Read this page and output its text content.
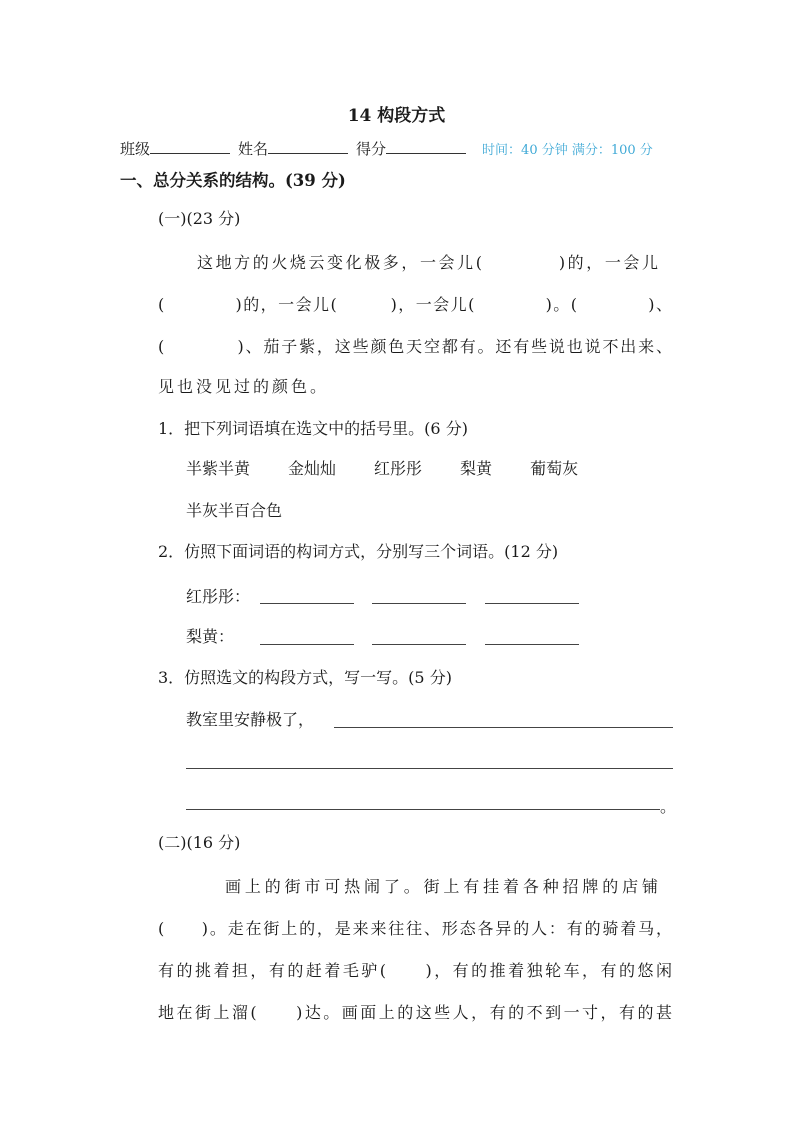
14 构段方式
班级	姓名	得分	时间：40 分钟 满分：100 分
一、总分关系的结构。(39 分)
(一)(23 分)
这地方的火烧云变化极多，一会儿(　　　　)的，一会儿
(　　　　)的，一会儿(　　　)，一会儿(　　　　)。(　　　　)、
(　　　　)、茄子紫，这些颜色天空都有。还有些说也说不出来、
见也没见过的颜色。
1．把下列词语填在选文中的括号里。(6 分)
半紫半黄 金灿灿 红彤彤 梨黄 葡萄灰
半灰半百合色
2．仿照下面词语的构词方式，分别写三个词语。(12 分)
红彤彤：
梨黄：
3．仿照选文的构段方式，写一写。(5 分)
教室里安静极了，
。
(二)(16 分)
画上的街市可热闹了。街上有挂着各种招牌的店铺
(　　)。走在街上的，是来来往往、形态各异的人：有的骑着马，
有的挑着担，有的赶着毛驴(　　)，有的推着独轮车，有的悠闲
地在街上溜(　　)达。画面上的这些人，有的不到一寸，有的甚
